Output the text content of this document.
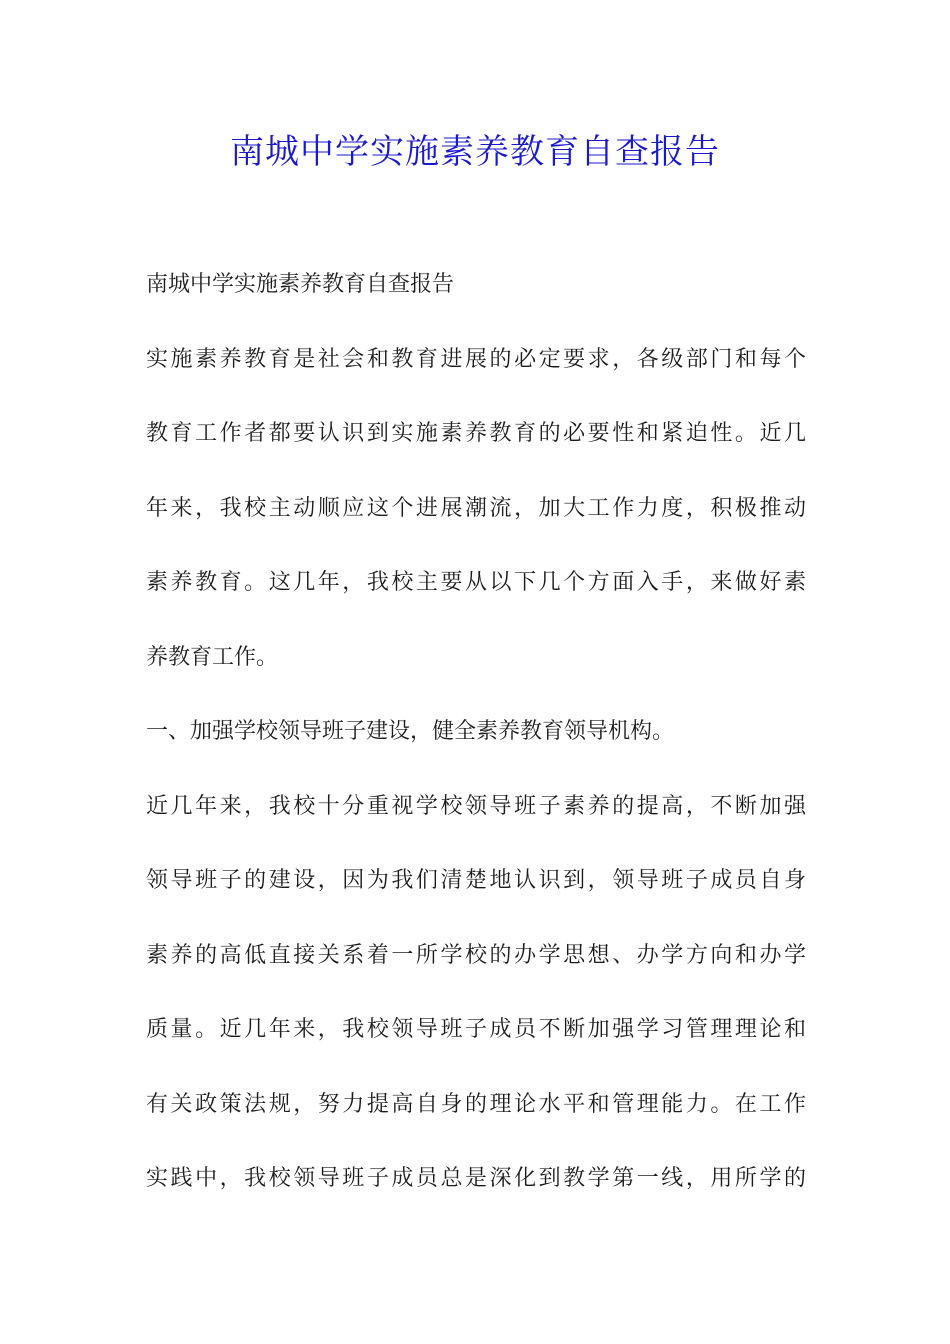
南城中学实施素养教育自查报告
南城中学实施素养教育自查报告
实施素养教育是社会和教育进展的必定要求，各级部门和每个
教育工作者都要认识到实施素养教育的必要性和紧迫性。近几
年来，我校主动顺应这个进展潮流，加大工作力度，积极推动
素养教育。这几年，我校主要从以下几个方面入手，来做好素
养教育工作。
一、加强学校领导班子建设，健全素养教育领导机构。
近几年来，我校十分重视学校领导班子素养的提高，不断加强
领导班子的建设，因为我们清楚地认识到，领导班子成员自身
素养的高低直接关系着一所学校的办学思想、办学方向和办学
质量。近几年来，我校领导班子成员不断加强学习管理理论和
有关政策法规，努力提高自身的理论水平和管理能力。在工作
实践中，我校领导班子成员总是深化到教学第一线，用所学的
